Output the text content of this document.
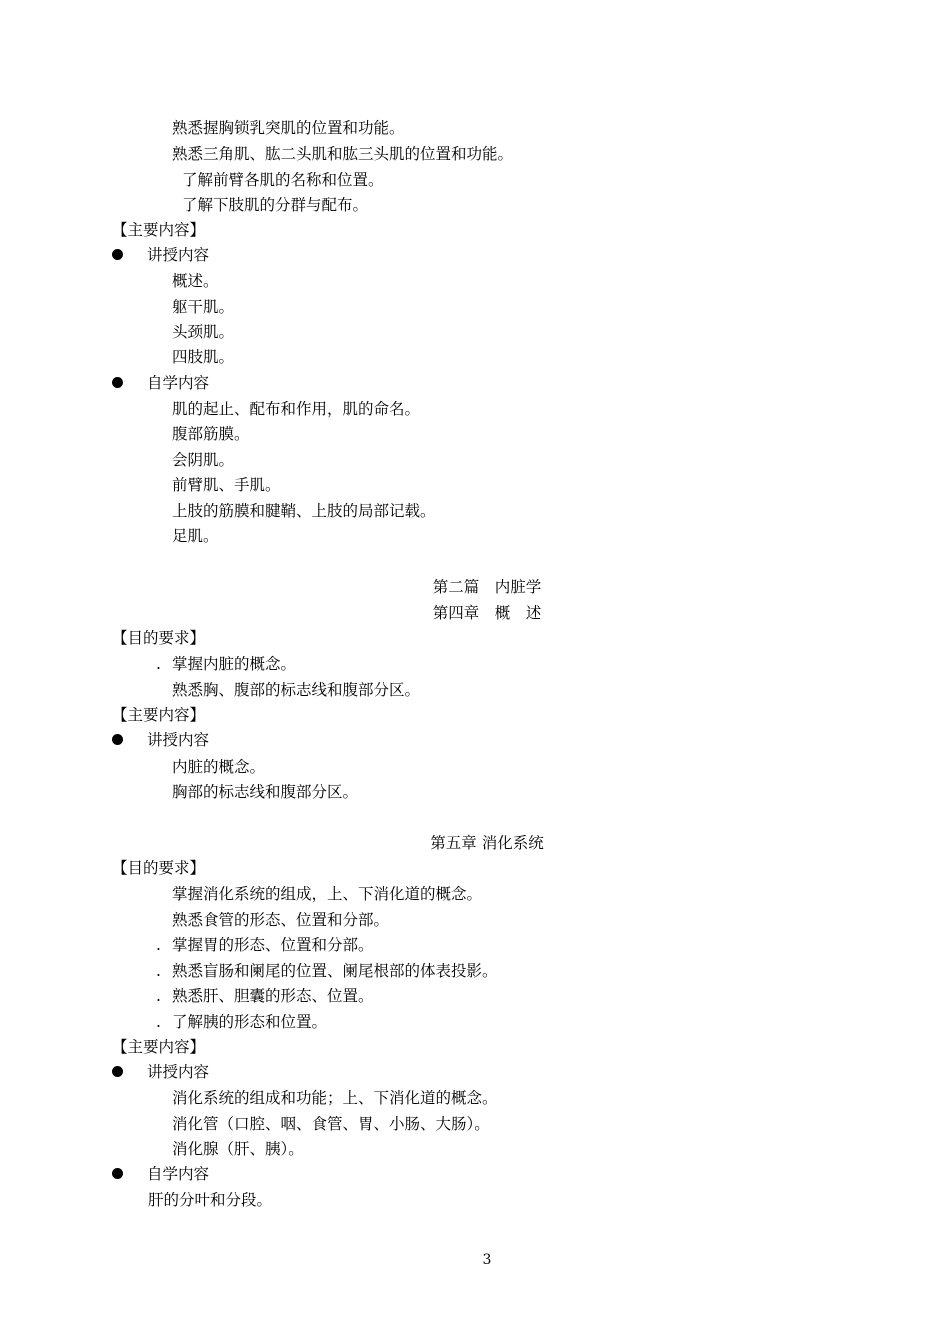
熟悉握胸锁乳突肌的位置和功能。
熟悉三角肌、肱二头肌和肱三头肌的位置和功能。
了解前臂各肌的名称和位置。
了解下肢肌的分群与配布。
【主要内容】
讲授内容
概述。
躯干肌。
头颈肌。
四肢肌。
自学内容
肌的起止、配布和作用，肌的命名。
腹部筋膜。
会阴肌。
前臂肌、手肌。
上肢的筋膜和腱鞘、上肢的局部记载。
足肌。
第二篇　内脏学
第四章　概　述
【目的要求】
. 掌握内脏的概念。
熟悉胸、腹部的标志线和腹部分区。
【主要内容】
讲授内容
内脏的概念。
胸部的标志线和腹部分区。
第五章 消化系统
【目的要求】
掌握消化系统的组成，上、下消化道的概念。
熟悉食管的形态、位置和分部。
. 掌握胃的形态、位置和分部。
. 熟悉盲肠和阑尾的位置、阑尾根部的体表投影。
. 熟悉肝、胆囊的形态、位置。
. 了解胰的形态和位置。
【主要内容】
讲授内容
消化系统的组成和功能；上、下消化道的概念。
消化管（口腔、咽、食管、胃、小肠、大肠）。
消化腺（肝、胰）。
自学内容
肝的分叶和分段。
3
